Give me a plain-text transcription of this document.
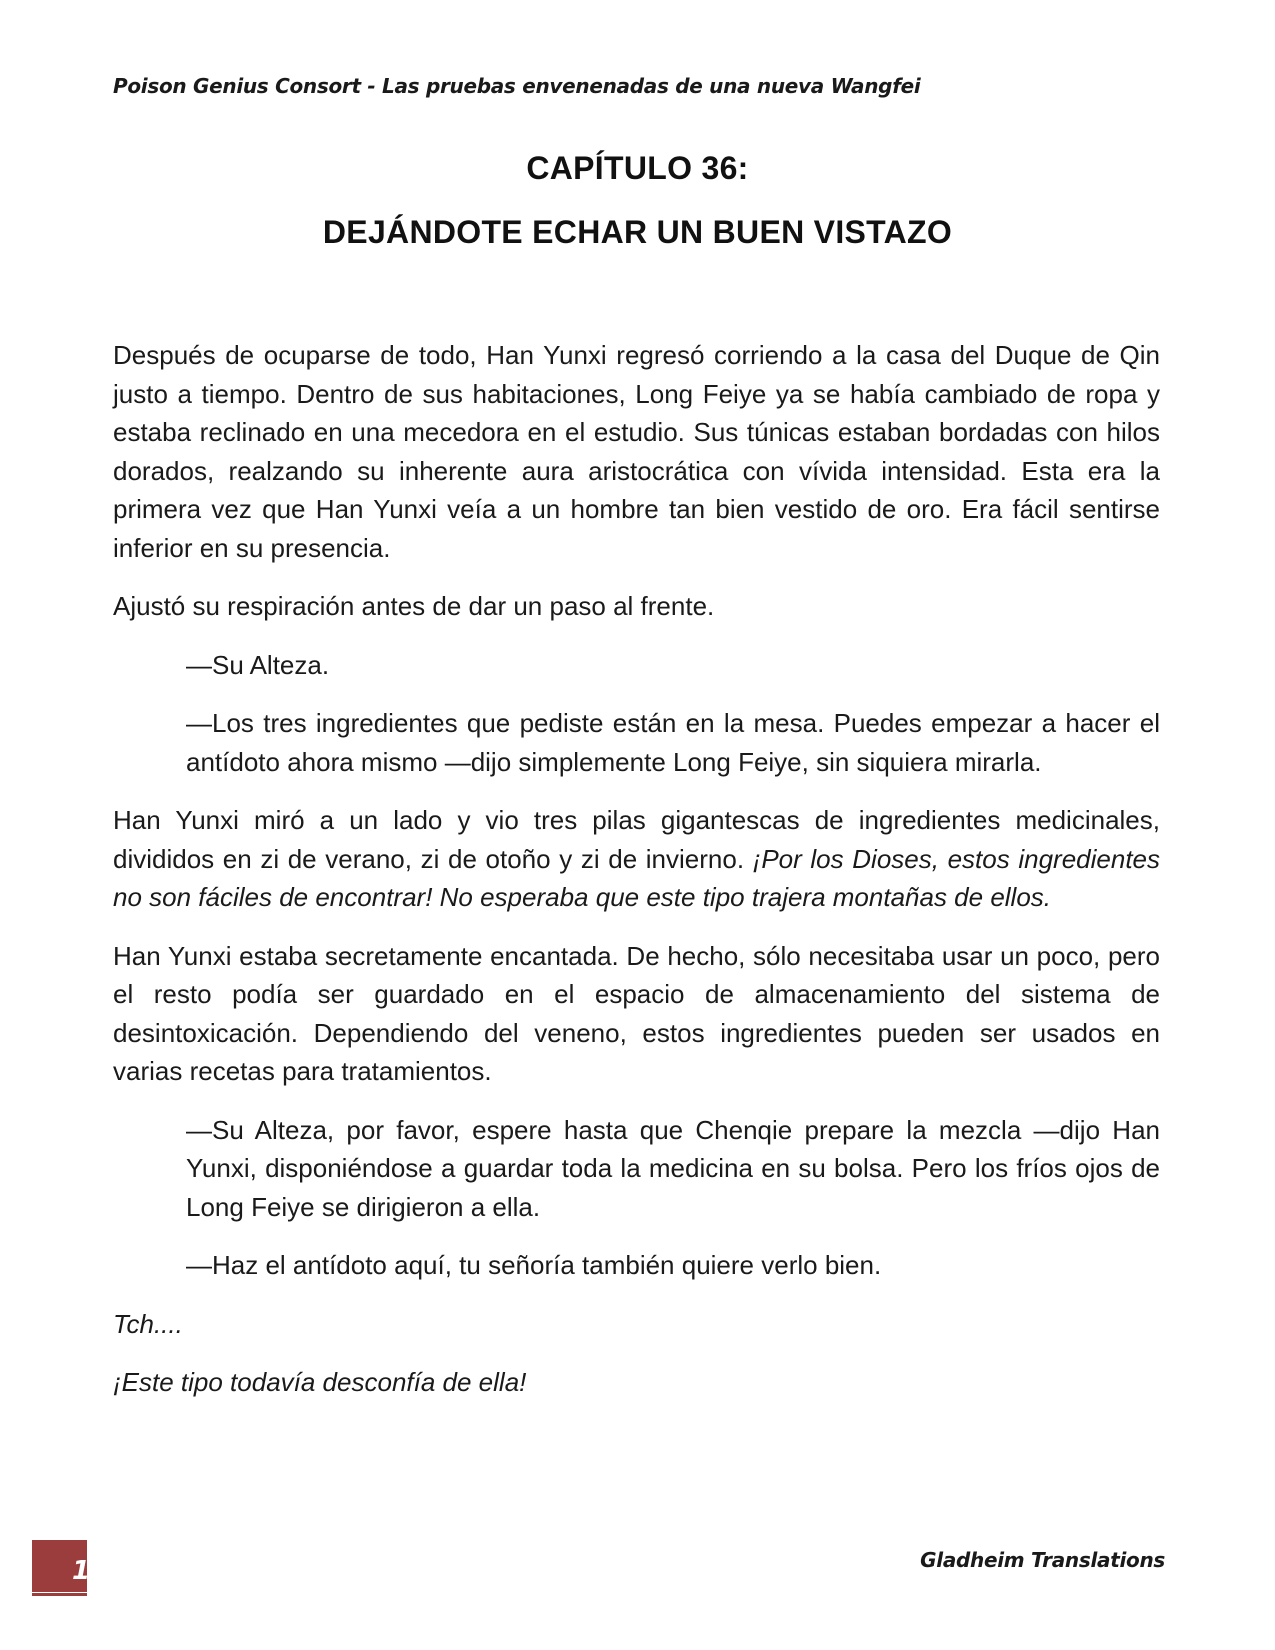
Poison Genius Consort - Las pruebas envenenadas de una nueva Wangfei
CAPÍTULO 36:
DEJÁNDOTE ECHAR UN BUEN VISTAZO

Después de ocuparse de todo, Han Yunxi regresó corriendo a la casa del Duque de Qin justo a tiempo. Dentro de sus habitaciones, Long Feiye ya se había cambiado de ropa y estaba reclinado en una mecedora en el estudio. Sus túnicas estaban bordadas con hilos dorados, realzando su inherente aura aristocrática con vívida intensidad. Esta era la primera vez que Han Yunxi veía a un hombre tan bien vestido de oro. Era fácil sentirse inferior en su presencia.

Ajustó su respiración antes de dar un paso al frente.

—Su Alteza.

—Los tres ingredientes que pediste están en la mesa. Puedes empezar a hacer el antídoto ahora mismo —dijo simplemente Long Feiye, sin siquiera mirarla.

Han Yunxi miró a un lado y vio tres pilas gigantescas de ingredientes medicinales, divididos en zi de verano, zi de otoño y zi de invierno. ¡Por los Dioses, estos ingredientes no son fáciles de encontrar! No esperaba que este tipo trajera montañas de ellos.

Han Yunxi estaba secretamente encantada. De hecho, sólo necesitaba usar un poco, pero el resto podía ser guardado en el espacio de almacenamiento del sistema de desintoxicación. Dependiendo del veneno, estos ingredientes pueden ser usados en varias recetas para tratamientos.

—Su Alteza, por favor, espere hasta que Chenqie prepare la mezcla —dijo Han Yunxi, disponiéndose a guardar toda la medicina en su bolsa. Pero los fríos ojos de Long Feiye se dirigieron a ella.

—Haz el antídoto aquí, tu señoría también quiere verlo bien.

Tch....

¡Este tipo todavía desconfía de ella!

1	Gladheim Translations
